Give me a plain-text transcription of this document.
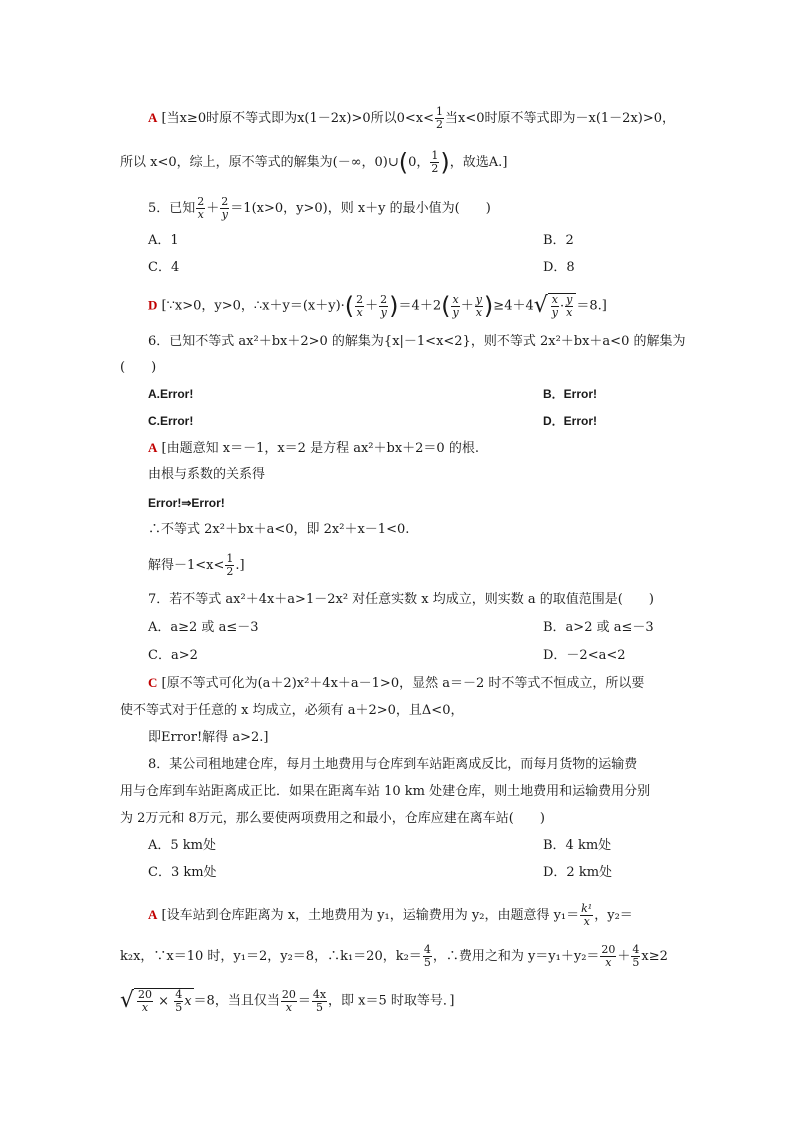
A [当x≥0时原不等式即为x(1－2x)>0所以$0<x< \frac{1}{2}$ 当x<0时原不等式即为－x(1－2x)>0，
所以 x<0，综上，原不等式的解集为(－∞，0)∪(0， $\frac{1}{2}$ )，故选A.]
5．已知 $\frac{2}{x} + \frac{2}{y} =1(x>0$，y>0)，则 x＋y 的最小值为(　　)
A．1	B．2
C．4	D．8
D [∵x>0，y>0，∴x＋y＝(x＋y)·( $\frac{2}{x} + \frac{2}{y} )=4+2( \frac{x}{y} + \frac{y}{x} )\ge 4+4√ \frac{x}{y} \cdot \frac{y}{x} =8$.]
6．已知不等式 ax²＋bx＋2>0 的解集为{x|－1<x<2}，则不等式 2x²＋bx＋a<0 的解集为
(　　)
A.Error!	B．Error!
C.Error!	D．Error!
A [由题意知 x＝－1，x＝2 是方程 ax²＋bx＋2＝0 的根.
由根与系数的关系得
Error!⇒Error!
∴不等式 2x²＋bx＋a<0，即 2x²＋x－1<0.
解得$-1<x< \frac{1}{2}$ .]
7．若不等式 ax²＋4x＋a>1－2x² 对任意实数 x 均成立，则实数 a 的取值范围是(　　)
A．a≥2 或 a≤－3	B．a>2 或 a≤－3
C．a>2	D．－2<a<2
C [原不等式可化为(a＋2)x²＋4x＋a－1>0，显然 a＝－2 时不等式不恒成立，所以要
使不等式对于任意的 x 均成立，必须有 a＋2>0，且Δ<0，
即Error!解得 a>2.]
8．某公司租地建仓库，每月土地费用与仓库到车站距离成反比，而每月货物的运输费
用与仓库到车站距离成正比．如果在距离车站 10 km 处建仓库，则土地费用和运输费用分别
为 2万元和 8万元，那么要使两项费用之和最小，仓库应建在离车站(　　)
A．5 km处	B．4 km处
C．3 km处	D．2 km处
A [设车站到仓库距离为 x，土地费用为 y₁，运输费用为 y₂，由题意得 $y_1= \frac{\text{k¹}}{x}$ ，y₂＝
k₂x，∵x＝10 时，y₁＝2，y₂＝8，∴k₁＝20，$k_2= \frac{4}{5}$ ，∴费用之和为 $y=y_1+y_2= \frac{20}{x} + \frac{4}{5} x\ge 2$
√ $\frac{20}{x} \times \frac{4}{5}$ x ＝8，当且仅当 $\frac{20}{x} = \frac{4x}{5}$ ，即 x＝5 时取等号．]
